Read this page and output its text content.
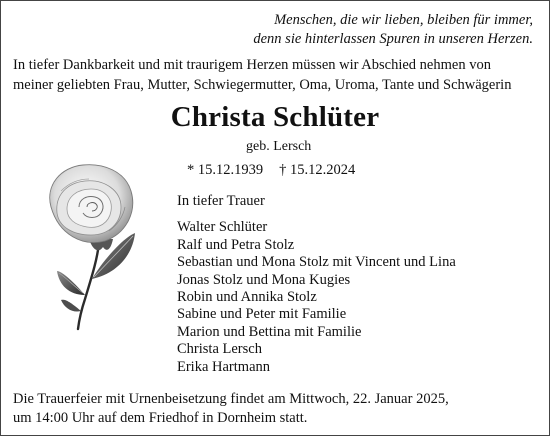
Menschen, die wir lieben, bleiben für immer,
denn sie hinterlassen Spuren in unseren Herzen.
In tiefer Dankbarkeit und mit traurigem Herzen müssen wir Abschied nehmen von
meiner geliebten Frau, Mutter, Schwiegermutter, Oma, Uroma, Tante und Schwägerin
Christa Schlüter
geb. Lersch
* 15.12.1939 † 15.12.2024
In tiefer Trauer
Walter Schlüter
Ralf und Petra Stolz
Sebastian und Mona Stolz mit Vincent und Lina
Jonas Stolz und Mona Kugies
Robin und Annika Stolz
Sabine und Peter mit Familie
Marion und Bettina mit Familie
Christa Lersch
Erika Hartmann
Die Trauerfeier mit Urnenbeisetzung findet am Mittwoch, 22. Januar 2025,
um 14:00 Uhr auf dem Friedhof in Dornheim statt.
